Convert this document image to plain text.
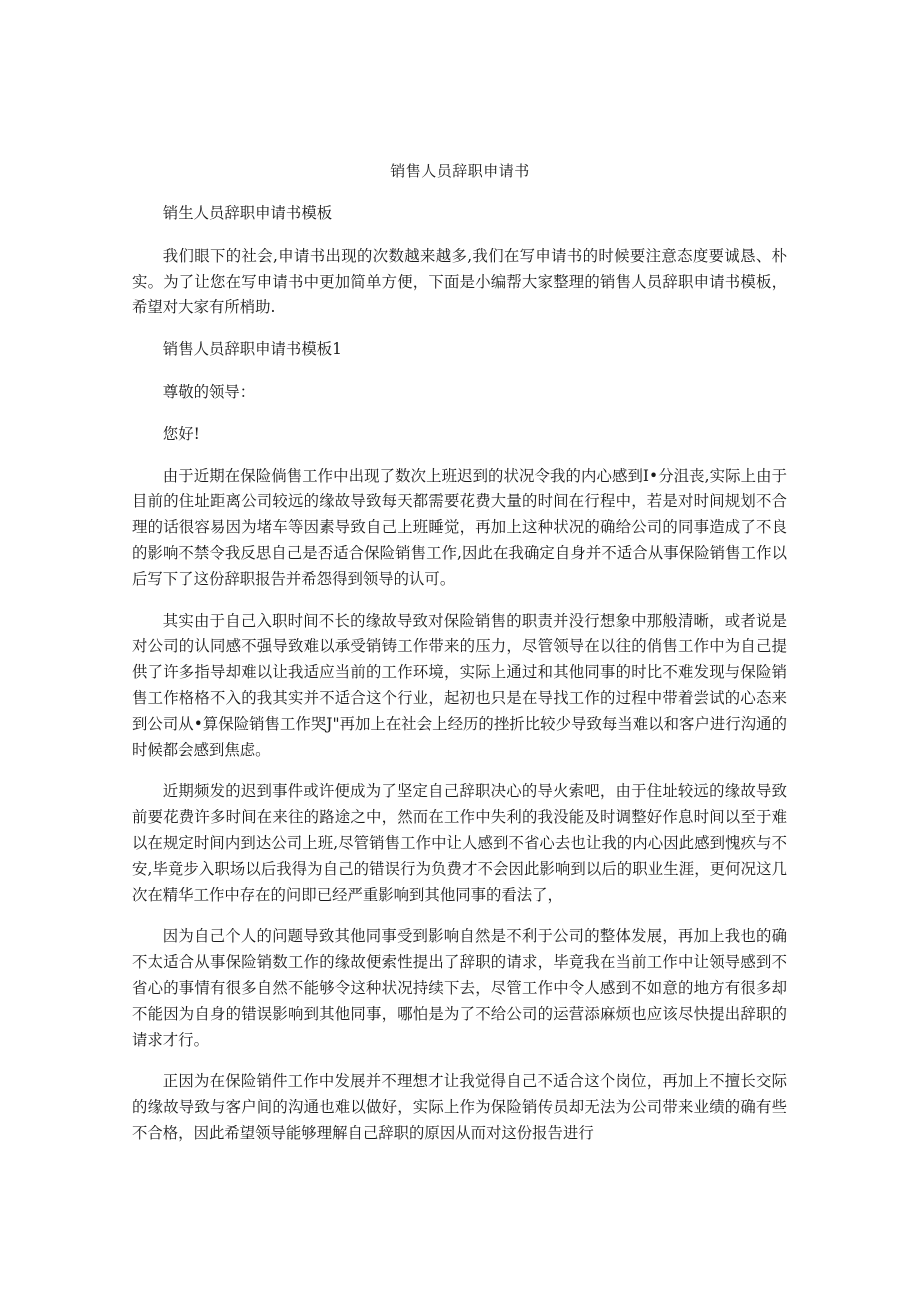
销售人员辞职申请书

销生人员辞职申请书模板

我们眼下的社会,申请书出现的次数越来越多,我们在写申请书的时候要注意态度要诚恳、朴实。为了让您在写申请书中更加简单方便，下面是小编帮大家整理的销售人员辞职申请书模板，希望对大家有所梢助.

销售人员辞职申请书模板1

尊敬的领导：

您好!

由于近期在保险倘售工作中出现了数次上班迟到的状况令我的内心感到I•分沮丧,实际上由于目前的住址距离公司较远的缘故导致每天都需要花费大量的时间在行程中，若是对时间规划不合理的话很容易因为堵车等因素导致自己上班睡觉，再加上这种状况的确给公司的同事造成了不良的影响不禁令我反思自己是否适合保险销售工作,因此在我确定自身并不适合从事保险销售工作以后写下了这份辞职报告并希怨得到领导的认可。

其实由于自己入职时间不长的缘故导致对保险销售的职责并没行想象中那般清晰，或者说是对公司的认同感不强导致难以承受销铸工作带来的压力，尽管领导在以往的俏售工作中为自己提供了许多指导却难以让我适应当前的工作环境，实际上通过和其他同事的时比不难发现与保险销售工作格格不入的我其实并不适合这个行业，起初也只是在导找工作的过程中带着尝试的心态来到公司从•算保险销售工作哭J"再加上在社会上经历的挫折比较少导致每当难以和客户进行沟通的时候都会感到焦虑。

近期频发的迟到事件或许便成为了坚定自己辞职决心的导火索吧，由于住址较远的缘故导致前要花费许多时间在来往的路途之中，然而在工作中失利的我没能及时调整好作息时间以至于难以在规定时间内到达公司上班,尽管销售工作中让人感到不省心去也让我的内心因此感到愧疚与不安,毕竟步入职场以后我得为自己的错误行为负费才不会因此影响到以后的职业生涯，更何况这几次在精华工作中存在的问即已经严重影响到其他同事的看法了，

因为自己个人的问题导致其他同事受到影响自然是不利于公司的整体发展，再加上我也的确不太适合从事保险销数工作的缘故便索性提出了辞职的请求，毕竟我在当前工作中让领导感到不省心的事情有很多自然不能够令这种状况持续下去，尽管工作中令人感到不如意的地方有很多却不能因为自身的错误影响到其他同事，哪怕是为了不给公司的运营添麻烦也应该尽快提出辞职的请求才行。

正因为在保险销件工作中发展并不理想才让我觉得自己不适合这个岗位，再加上不擅长交际的缘故导致与客户间的沟通也难以做好，实际上作为保险销传员却无法为公司带来业绩的确有些不合格，因此希望领导能够理解自己辞职的原因从而对这份报告进行
